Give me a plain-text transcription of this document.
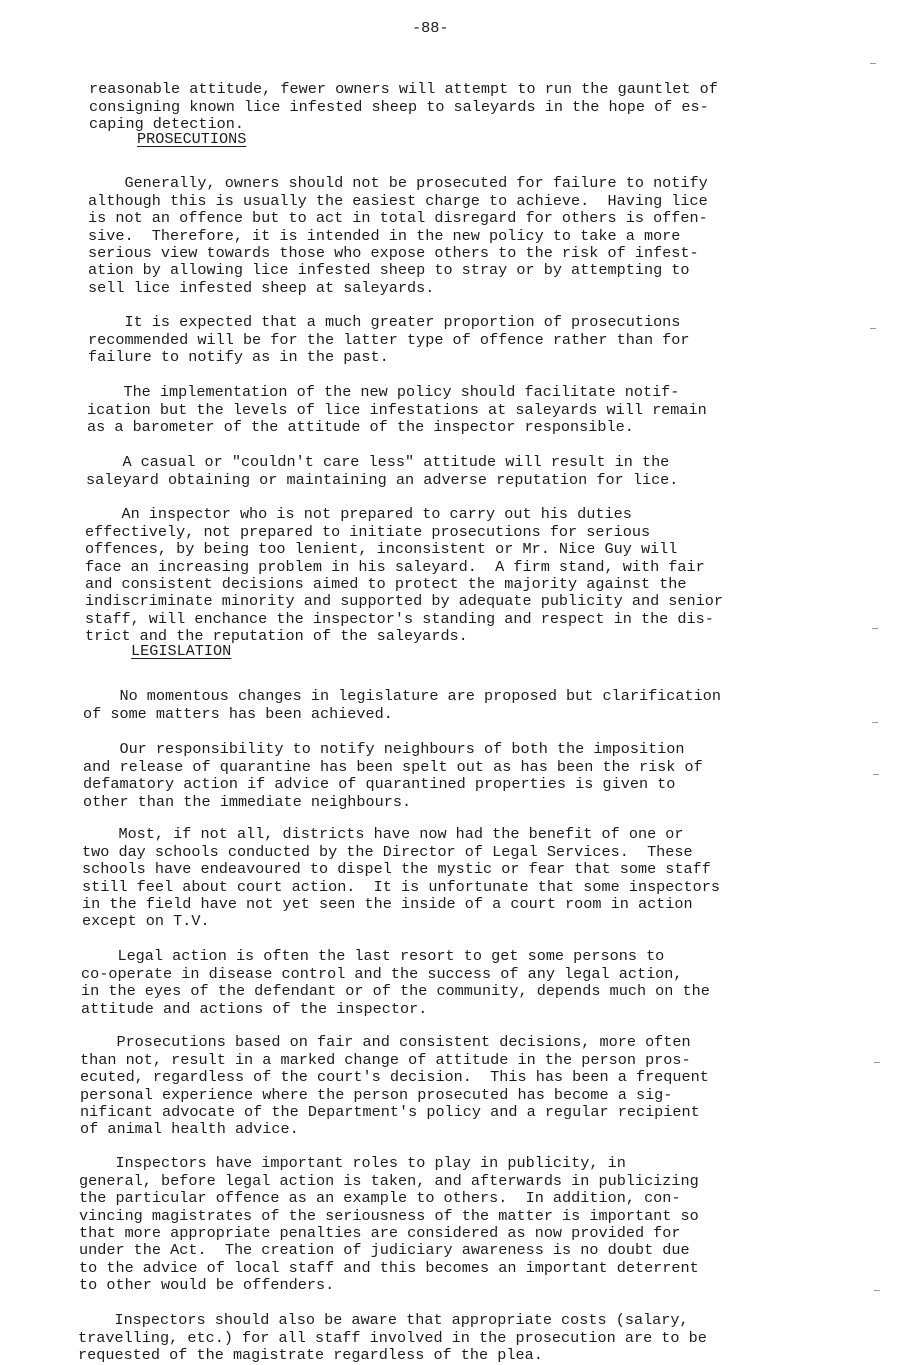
-88-

reasonable attitude, fewer owners will attempt to run the gauntlet of
consigning known lice infested sheep to saleyards in the hope of es-
caping detection.

PROSECUTIONS

Generally, owners should not be prosecuted for failure to notify
although this is usually the easiest charge to achieve.  Having lice
is not an offence but to act in total disregard for others is offen-
sive.  Therefore, it is intended in the new policy to take a more
serious view towards those who expose others to the risk of infest-
ation by allowing lice infested sheep to stray or by attempting to
sell lice infested sheep at saleyards.

It is expected that a much greater proportion of prosecutions
recommended will be for the latter type of offence rather than for
failure to notify as in the past.

The implementation of the new policy should facilitate notif-
ication but the levels of lice infestations at saleyards will remain
as a barometer of the attitude of the inspector responsible.

A casual or "couldn't care less" attitude will result in the
saleyard obtaining or maintaining an adverse reputation for lice.

An inspector who is not prepared to carry out his duties
effectively, not prepared to initiate prosecutions for serious
offences, by being too lenient, inconsistent or Mr. Nice Guy will
face an increasing problem in his saleyard.  A firm stand, with fair
and consistent decisions aimed to protect the majority against the
indiscriminate minority and supported by adequate publicity and senior
staff, will enchance the inspector's standing and respect in the dis-
trict and the reputation of the saleyards.

LEGISLATION

No momentous changes in legislature are proposed but clarification
of some matters has been achieved.

Our responsibility to notify neighbours of both the imposition
and release of quarantine has been spelt out as has been the risk of
defamatory action if advice of quarantined properties is given to
other than the immediate neighbours.

Most, if not all, districts have now had the benefit of one or
two day schools conducted by the Director of Legal Services.  These
schools have endeavoured to dispel the mystic or fear that some staff
still feel about court action.  It is unfortunate that some inspectors
in the field have not yet seen the inside of a court room in action
except on T.V.

Legal action is often the last resort to get some persons to
co-operate in disease control and the success of any legal action,
in the eyes of the defendant or of the community, depends much on the
attitude and actions of the inspector.

Prosecutions based on fair and consistent decisions, more often
than not, result in a marked change of attitude in the person pros-
ecuted, regardless of the court's decision.  This has been a frequent
personal experience where the person prosecuted has become a sig-
nificant advocate of the Department's policy and a regular recipient
of animal health advice.

Inspectors have important roles to play in publicity, in
general, before legal action is taken, and afterwards in publicizing
the particular offence as an example to others.  In addition, con-
vincing magistrates of the seriousness of the matter is important so
that more appropriate penalties are considered as now provided for
under the Act.  The creation of judiciary awareness is no doubt due
to the advice of local staff and this becomes an important deterrent
to other would be offenders.

Inspectors should also be aware that appropriate costs (salary,
travelling, etc.) for all staff involved in the prosecution are to be
requested of the magistrate regardless of the plea.
